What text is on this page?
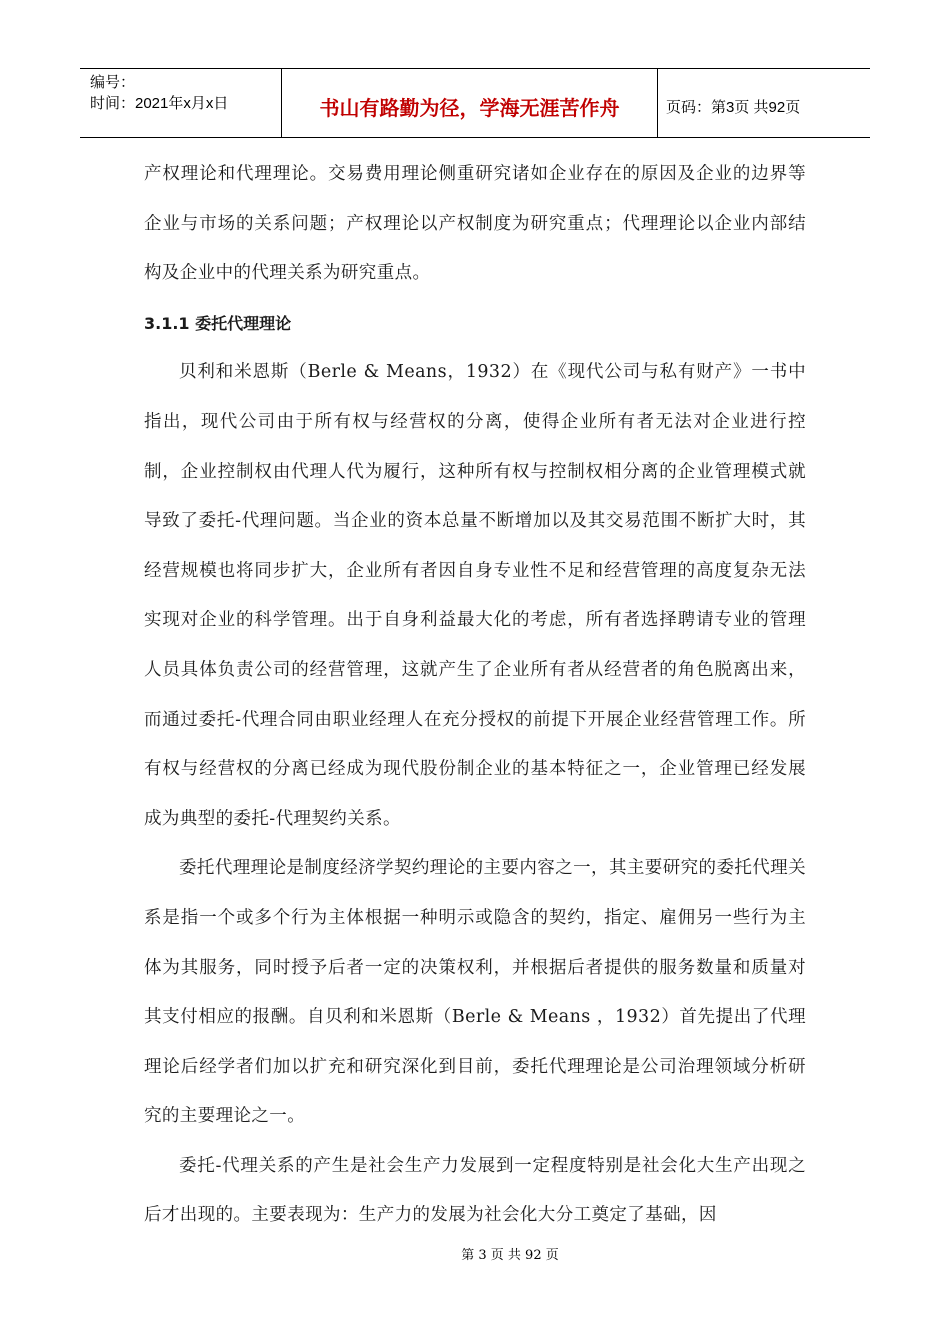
编号：
时间：2021年x月x日	书山有路勤为径，学海无涯苦作舟	页码：第3页 共92页

产权理论和代理理论。交易费用理论侧重研究诸如企业存在的原因及企业的边界等企业与市场的关系问题；产权理论以产权制度为研究重点；代理理论以企业内部结构及企业中的代理关系为研究重点。

3.1.1 委托代理理论

贝利和米恩斯（Berle & Means，1932）在《现代公司与私有财产》一书中指出，现代公司由于所有权与经营权的分离，使得企业所有者无法对企业进行控制，企业控制权由代理人代为履行，这种所有权与控制权相分离的企业管理模式就导致了委托-代理问题。当企业的资本总量不断增加以及其交易范围不断扩大时，其经营规模也将同步扩大，企业所有者因自身专业性不足和经营管理的高度复杂无法实现对企业的科学管理。出于自身利益最大化的考虑，所有者选择聘请专业的管理人员具体负责公司的经营管理，这就产生了企业所有者从经营者的角色脱离出来，而通过委托-代理合同由职业经理人在充分授权的前提下开展企业经营管理工作。所有权与经营权的分离已经成为现代股份制企业的基本特征之一，企业管理已经发展成为典型的委托-代理契约关系。

委托代理理论是制度经济学契约理论的主要内容之一，其主要研究的委托代理关系是指一个或多个行为主体根据一种明示或隐含的契约，指定、雇佣另一些行为主体为其服务，同时授予后者一定的决策权利，并根据后者提供的服务数量和质量对其支付相应的报酬。自贝利和米恩斯（Berle & Means ，1932）首先提出了代理理论后经学者们加以扩充和研究深化到目前，委托代理理论是公司治理领域分析研究的主要理论之一。

委托-代理关系的产生是社会生产力发展到一定程度特别是社会化大生产出现之后才出现的。主要表现为：生产力的发展为社会化大分工奠定了基础，因

第 3 页 共 92 页
